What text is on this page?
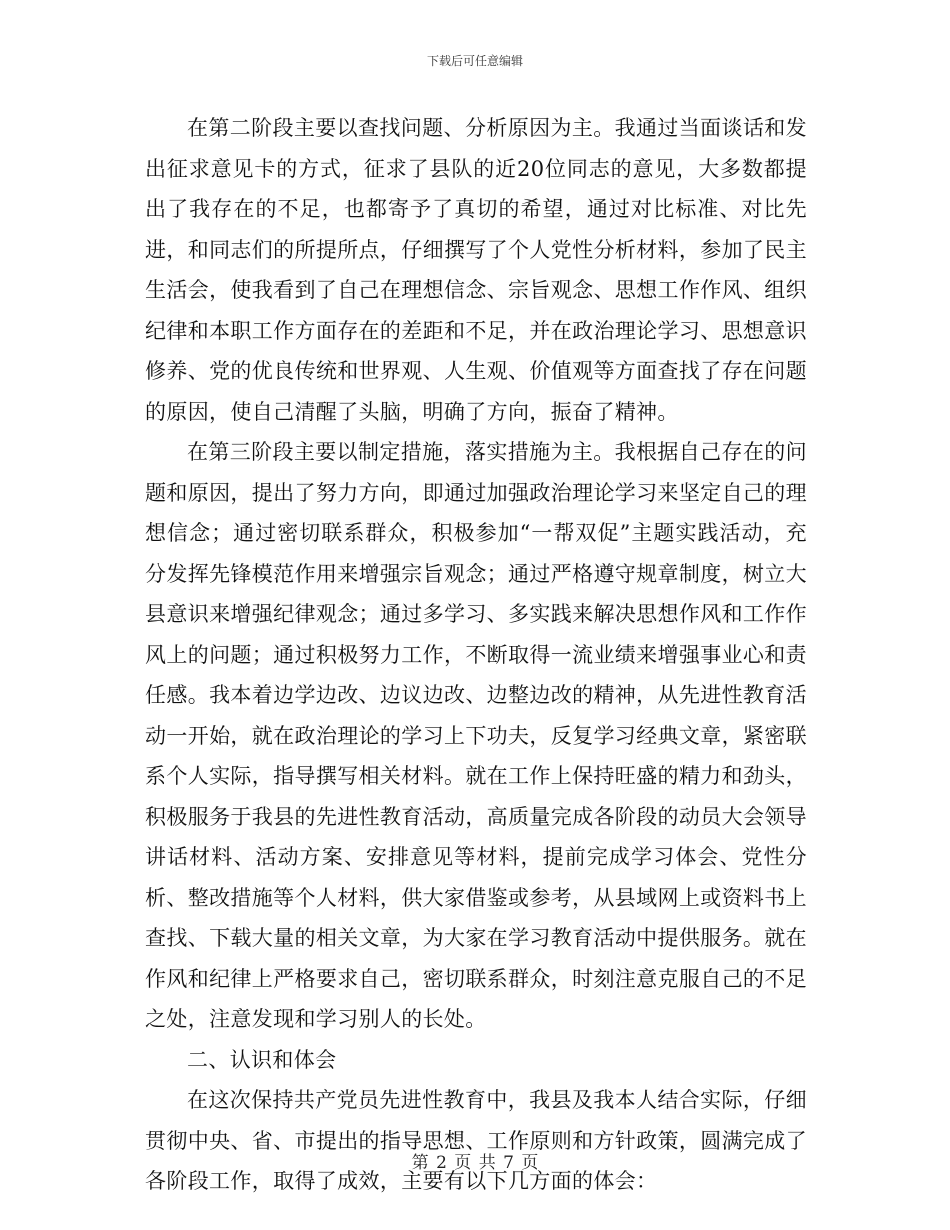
下载后可任意编辑

在第二阶段主要以查找问题、分析原因为主。我通过当面谈话和发出征求意见卡的方式，征求了县队的近20位同志的意见，大多数都提出了我存在的不足，也都寄予了真切的希望，通过对比标准、对比先进，和同志们的所提所点，仔细撰写了个人党性分析材料，参加了民主生活会，使我看到了自己在理想信念、宗旨观念、思想工作作风、组织纪律和本职工作方面存在的差距和不足，并在政治理论学习、思想意识修养、党的优良传统和世界观、人生观、价值观等方面查找了存在问题的原因，使自己清醒了头脑，明确了方向，振奋了精神。

在第三阶段主要以制定措施，落实措施为主。我根据自己存在的问题和原因，提出了努力方向，即通过加强政治理论学习来坚定自己的理想信念；通过密切联系群众，积极参加“一帮双促”主题实践活动，充分发挥先锋模范作用来增强宗旨观念；通过严格遵守规章制度，树立大县意识来增强纪律观念；通过多学习、多实践来解决思想作风和工作作风上的问题；通过积极努力工作，不断取得一流业绩来增强事业心和责任感。我本着边学边改、边议边改、边整边改的精神，从先进性教育活动一开始，就在政治理论的学习上下功夫，反复学习经典文章，紧密联系个人实际，指导撰写相关材料。就在工作上保持旺盛的精力和劲头，积极服务于我县的先进性教育活动，高质量完成各阶段的动员大会领导讲话材料、活动方案、安排意见等材料，提前完成学习体会、党性分析、整改措施等个人材料，供大家借鉴或参考，从县域网上或资料书上查找、下载大量的相关文章，为大家在学习教育活动中提供服务。就在作风和纪律上严格要求自己，密切联系群众，时刻注意克服自己的不足之处，注意发现和学习别人的长处。

二、认识和体会

在这次保持共产党员先进性教育中，我县及我本人结合实际，仔细贯彻中央、省、市提出的指导思想、工作原则和方针政策，圆满完成了各阶段工作，取得了成效，主要有以下几方面的体会：

第 2 页 共 7 页
